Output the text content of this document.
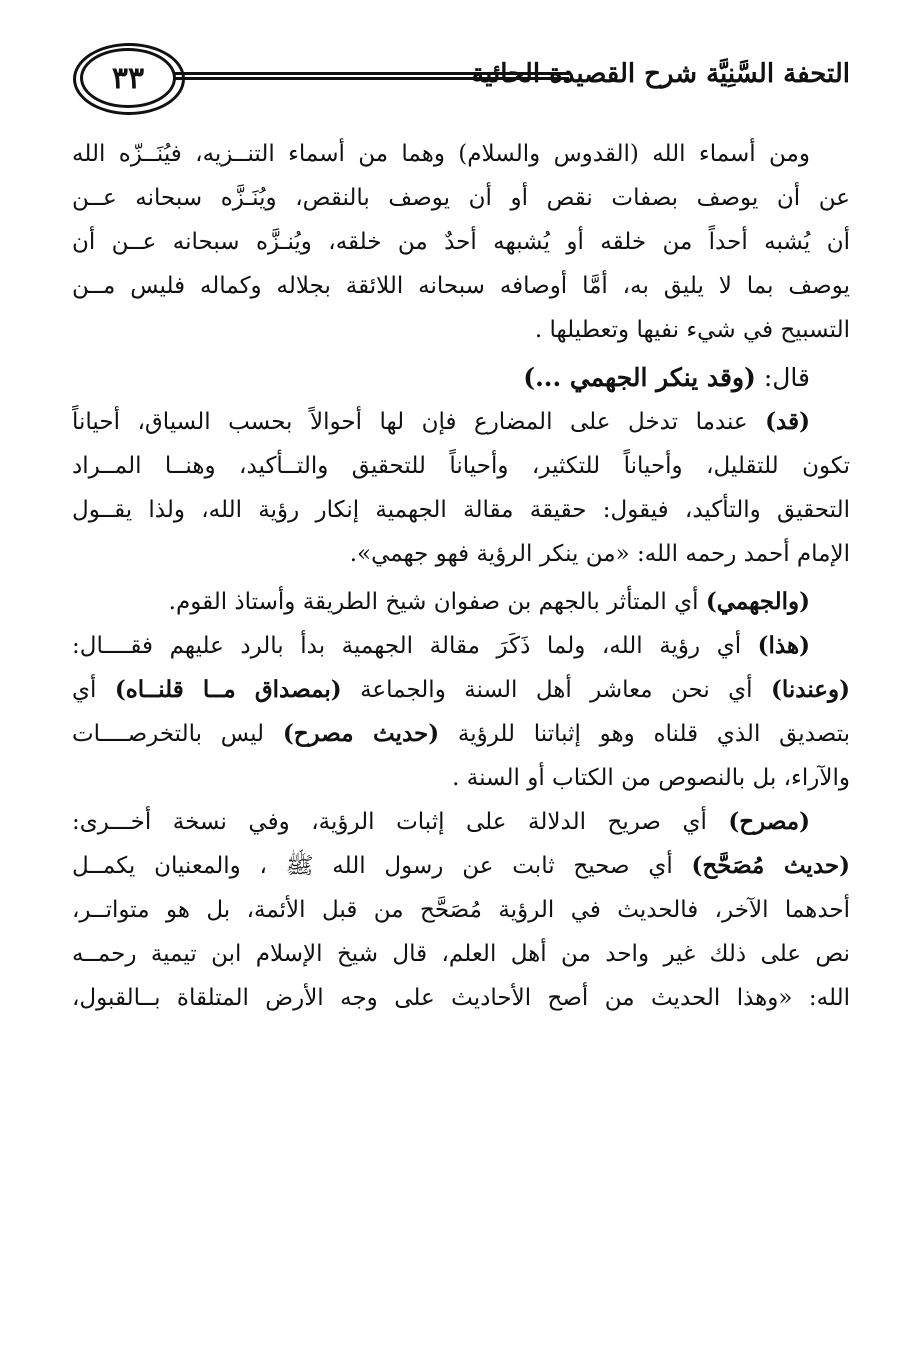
٣٣	التحفة السَّنِيَّة شرح القصيدة الحائية
ومن أسماء الله (القدوس والسلام) وهما من أسماء التنــزيه، فيُنَــزّه الله
عن أن يوصف بصفات نقص أو أن يوصف بالنقص، ويُنَـزَّه سبحانه عــن
أن يُشبه أحداً من خلقه أو يُشبهه أحدٌ من خلقه، ويُنـزَّه سبحانه عــن أن
يوصف بما لا يليق به، أمَّا أوصافه سبحانه اللائقة بجلاله وكماله فليس مــن
التسبيح في شيء نفيها وتعطيلها .
قال: (وقد ينكر الجهمي ...)
(قد) عندما تدخل على المضارع فإن لها أحوالاً بحسب السياق، أحياناً
تكون للتقليل، وأحياناً للتكثير، وأحياناً للتحقيق والتــأكيد، وهنــا المــراد
التحقيق والتأكيد، فيقول: حقيقة مقالة الجهمية إنكار رؤية الله، ولذا يقــول
الإمام أحمد رحمه الله: «من ينكر الرؤية فهو جهمي».
(والجهمي) أي المتأثر بالجهم بن صفوان شيخ الطريقة وأستاذ القوم.
(هذا) أي رؤية الله، ولما ذَكَرَ مقالة الجهمية بدأ بالرد عليهم فقــــال:
(وعندنا) أي نحن معاشر أهل السنة والجماعة (بمصداق مــا قلنــاه) أي
بتصديق الذي قلناه وهو إثباتنا للرؤية (حديث مصرح) ليس بالتخرصــــات
والآراء، بل بالنصوص من الكتاب أو السنة .
(مصرح) أي صريح الدلالة على إثبات الرؤية، وفي نسخة أخـــرى:
(حديث مُصَحَّح) أي صحيح ثابت عن رسول الله ﷺ ، والمعنيان يكمــل
أحدهما الآخر، فالحديث في الرؤية مُصَحَّح من قبل الأئمة، بل هو متواتــر،
نص على ذلك غير واحد من أهل العلم، قال شيخ الإسلام ابن تيمية رحمــه
الله: «وهذا الحديث من أصح الأحاديث على وجه الأرض المتلقاة بــالقبول،
